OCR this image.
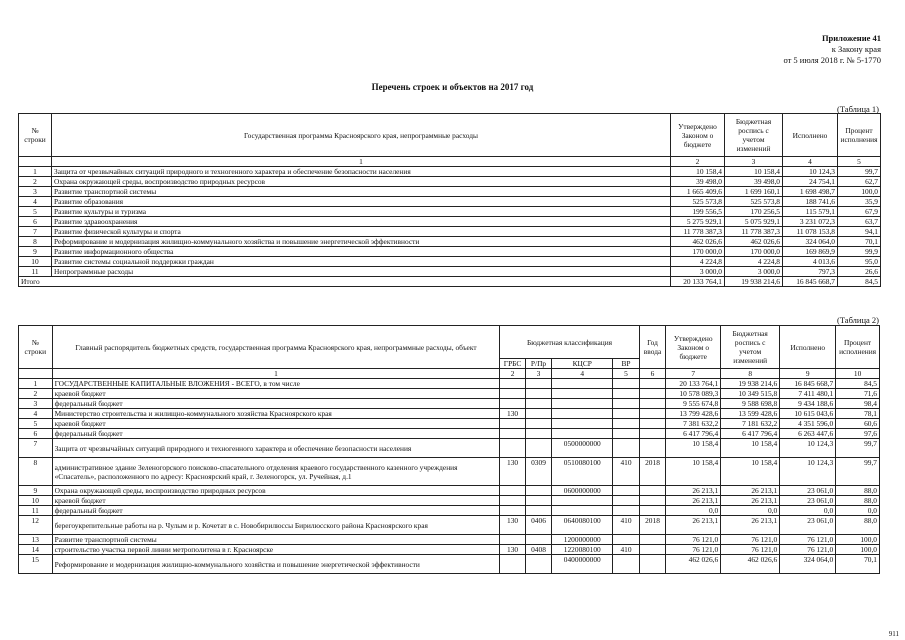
Приложение 41
к Закону края
от 5 июля 2018 г. № 5-1770
Перечень строек и объектов на 2017 год
(Таблица 1)
№ строки	Государственная программа Красноярского края, непрограммные расходы	Утверждено Законом о бюджете	Бюджетная роспись с учетом изменений	Исполнено	Процент исполнения
	1	2	3	4	5
1	Защита от чрезвычайных ситуаций природного и техногенного характера и обеспечение безопасности населения	10 158,4	10 158,4	10 124,3	99,7
2	Охрана окружающей среды, воспроизводство природных ресурсов	39 498,0	39 498,0	24 754,1	62,7
3	Развитие транспортной системы	1 665 409,6	1 699 160,1	1 698 498,7	100,0
4	Развитие образования	525 573,8	525 573,8	188 741,6	35,9
5	Развитие культуры и туризма	199 556,5	170 256,5	115 579,1	67,9
6	Развитие здравоохранения	5 275 929,1	5 075 929,1	3 231 072,3	63,7
7	Развитие физической культуры и спорта	11 778 387,3	11 778 387,3	11 078 153,8	94,1
8	Реформирование и модернизация жилищно-коммунального хозяйства и повышение энергетической эффективности	462 026,6	462 026,6	324 064,0	70,1
9	Развитие информационного общества	170 000,0	170 000,0	169 869,9	99,9
10	Развитие системы социальной поддержки граждан	4 224,8	4 224,8	4 013,6	95,0
11	Непрограммные расходы	3 000,0	3 000,0	797,3	26,6
Итого		20 133 764,1	19 938 214,6	16 845 668,7	84,5
(Таблица 2)
№ строки	Главный распорядитель бюджетных средств, государственная программа Красноярского края, непрограммные расходы, объект	Бюджетная классификация				Год ввода	Утверждено Законом о бюджете	Бюджетная роспись с учетом изменений	Исполнено	Процент исполнения
		ГРБС	Р/Пр	КЦСР	ВР					
	1	2	3	4	5	6	7	8	9	10
1	ГОСУДАРСТВЕННЫЕ КАПИТАЛЬНЫЕ ВЛОЖЕНИЯ - ВСЕГО, в том числе						20 133 764,1	19 938 214,6	16 845 668,7	84,5
2	краевой бюджет						10 578 089,3	10 349 515,8	7 411 480,1	71,6
3	федеральный бюджет						9 555 674,8	9 588 698,8	9 434 188,6	98,4
4	Министерство строительства и жилищно-коммунального хозяйства Красноярского края	130					13 799 428,6	13 599 428,6	10 615 043,6	78,1
5	краевой бюджет						7 381 632,2	7 181 632,2	4 351 596,0	60,6
6	федеральный бюджет						6 417 796,4	6 417 796,4	6 263 447,6	97,6
7	Защита от чрезвычайных ситуаций природного и техногенного характера и обеспечение безопасности населения			0500000000			10 158,4	10 158,4	10 124,3	99,7
8	административное здание Зеленогорского поисково-спасательного отделения краевого государственного казенного учреждения «Спасатель», расположенного по адресу: Красноярский край, г. Зеленогорск, ул. Ручейная, д.1	130	0309	0510080100	410	2018	10 158,4	10 158,4	10 124,3	99,7
9	Охрана окружающей среды, воспроизводство природных ресурсов			0600000000			26 213,1	26 213,1	23 061,0	88,0
10	краевой бюджет						26 213,1	26 213,1	23 061,0	88,0
11	федеральный бюджет						0,0	0,0	0,0	0,0
12	берегоукрепительные работы на р. Чулым и р. Кочетат в с. Новобирилюссы Бирилюсского района Красноярского края	130	0406	0640080100	410	2018	26 213,1	26 213,1	23 061,0	88,0
13	Развитие транспортной системы			1200000000			76 121,0	76 121,0	76 121,0	100,0
14	строительство участка первой линии метрополитена в г. Красноярске	130	0408	1220080100	410		76 121,0	76 121,0	76 121,0	100,0
15	Реформирование и модернизация жилищно-коммунального хозяйства и повышение энергетической эффективности			0400000000			462 026,6	462 026,6	324 064,0	70,1
911
